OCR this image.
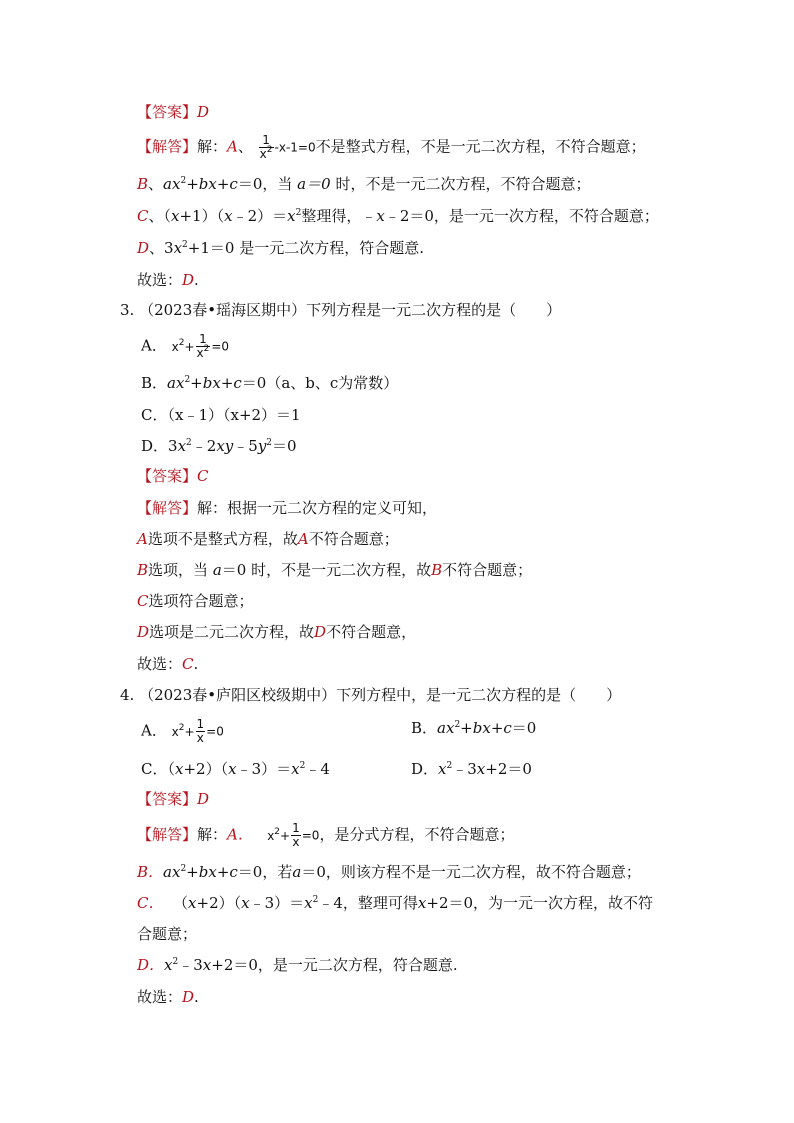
【答案】D
【解答】解：A、 $\frac{1}{x^2} -x-1=0$不是整式方程，不是一元二次方程，不符合题意；
B、$ax^2+bx+c=0$，当 a＝0 时，不是一元二次方程，不符合题意；
C、$(x+1)(x﹣2)=x^2$整理得，﹣x﹣2＝0，是一元一次方程，不符合题意；
D、$3x^2+1=0$ 是一元二次方程，符合题意.
故选：D.
3. （2023春•瑶海区期中）下列方程是一元二次方程的是（　　）
A． $x^2+ \frac{1}{x^2} =0$
B．$ax^2+bx+c=0(a$、b、c为常数）
C．（x﹣1）（x+2）＝1
D．$3x^2﹣2xy﹣5y^2=0$
【答案】C
【解答】解：根据一元二次方程的定义可知，
A选项不是整式方程，故A不符合题意；
B选项，当 a＝0 时，不是一元二次方程，故B不符合题意；
C选项符合题意；
D选项是二元二次方程，故D不符合题意，
故选：C.
4. （2023春•庐阳区校级期中）下列方程中，是一元二次方程的是（　　）
A． $x^2+ \frac{1}{x} =0$	B．$ax^2+bx+c=0$
C．$(x+2)(x﹣3)=x^2﹣4$	D．$x^2﹣3x+2=0$
【答案】D
【解答】解：A． $x^2+ \frac{1}{x} =0$，是分式方程，不符合题意；
B．$ax^2+bx+c=0$，若a＝0，则该方程不是一元二次方程，故不符合题意；
C．  $(x+2)(x﹣3)=x^2﹣4$，整理可得x+2＝0，为一元一次方程，故不符
合题意；
D．$x^2﹣3x+2=0$，是一元二次方程，符合题意.
故选：D.
